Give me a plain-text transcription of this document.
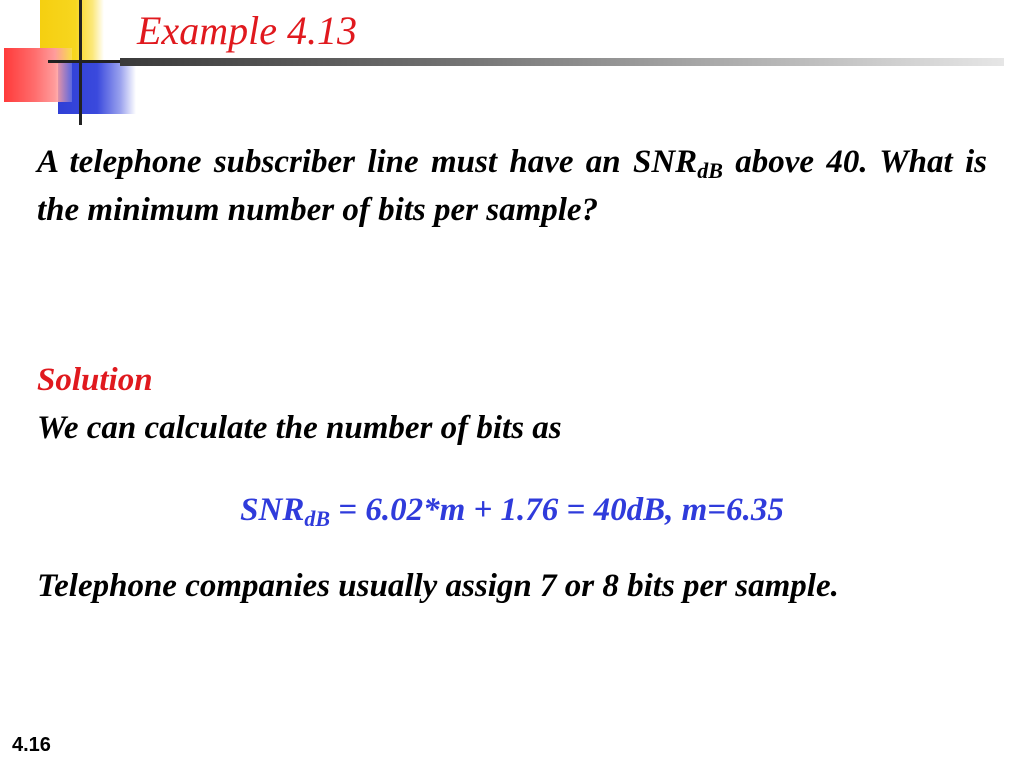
Example 4.13

A telephone subscriber line must have an $SNR_{dB}$ above 40. What is the minimum number of bits per sample?

Solution

We can calculate the number of bits as

$SNR_{dB} = 6.02*m + 1.76 = 40dB$, m=6.35

Telephone companies usually assign 7 or 8 bits per sample.

4.16
